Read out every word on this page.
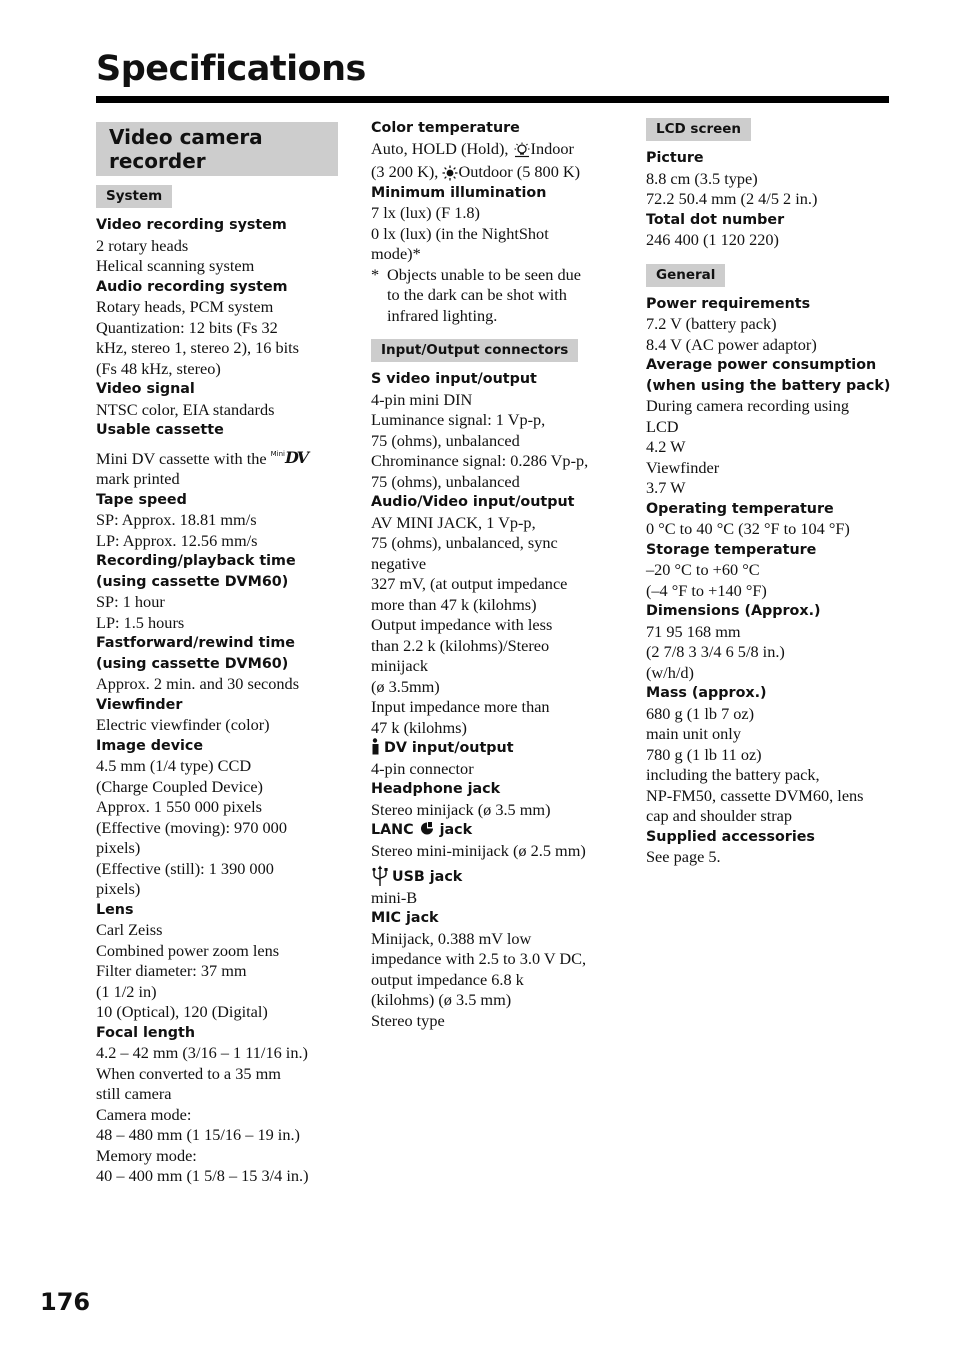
Specifications
Video camera recorder
System
Video recording system
2 rotary heads
Helical scanning system
Audio recording system
Rotary heads, PCM system
Quantization: 12 bits (Fs 32
kHz, stereo 1, stereo 2), 16 bits
(Fs 48 kHz, stereo)
Video signal
NTSC color, EIA standards
Usable cassette
Mini DV cassette with the $^{Mini}$DV
mark printed
Tape speed
SP: Approx. 18.81 mm/s
LP: Approx. 12.56 mm/s
Recording/playback time
(using cassette DVM60)
SP: 1 hour
LP: 1.5 hours
Fastforward/rewind time
(using cassette DVM60)
Approx. 2 min. and 30 seconds
Viewfinder
Electric viewfinder (color)
Image device
4.5 mm (1/4 type) CCD
(Charge Coupled Device)
Approx. 1 550 000 pixels
(Effective (moving): 970 000
pixels)
(Effective (still): 1 390 000
pixels)
Lens
Carl Zeiss
Combined power zoom lens
Filter diameter: 37 mm
(1 1/2 in)
10 (Optical), 120 (Digital)
Focal length
4.2 – 42 mm (3/16 – 1 11/16 in.)
When converted to a 35 mm
still camera
Camera mode:
48 – 480 mm (1 15/16 – 19 in.)
Memory mode:
40 – 400 mm (1 5/8 – 15 3/4 in.)
Color temperature
Auto, HOLD (Hold), Indoor
(3 200 K), Outdoor (5 800 K)
Minimum illumination
7 lx (lux) (F 1.8)
0 lx (lux) (in the NightShot
mode)*
* Objects unable to be seen due
to the dark can be shot with
infrared lighting.
Input/Output connectors
S video input/output
4-pin mini DIN
Luminance signal: 1 Vp-p,
75 (ohms), unbalanced
Chrominance signal: 0.286 Vp-p,
75 (ohms), unbalanced
Audio/Video input/output
AV MINI JACK, 1 Vp-p,
75 (ohms), unbalanced, sync
negative
327 mV, (at output impedance
more than 47 k (kilohms)
Output impedance with less
than 2.2 k (kilohms)/Stereo
minijack
(ø 3.5mm)
Input impedance more than
47 k (kilohms)
DV input/output
4-pin connector
Headphone jack
Stereo minijack (ø 3.5 mm)
LANC jack
Stereo mini-minijack (ø 2.5 mm)
USB jack
mini-B
MIC jack
Minijack, 0.388 mV low
impedance with 2.5 to 3.0 V DC,
output impedance 6.8 k
(kilohms) (ø 3.5 mm)
Stereo type
LCD screen
Picture
8.8 cm (3.5 type)
72.2 50.4 mm (2 4/5 2 in.)
Total dot number
246 400 (1 120 220)
General
Power requirements
7.2 V (battery pack)
8.4 V (AC power adaptor)
Average power consumption
(when using the battery pack)
During camera recording using
LCD
4.2 W
Viewfinder
3.7 W
Operating temperature
0 °C to 40 °C (32 °F to 104 °F)
Storage temperature
–20 °C to +60 °C
(–4 °F to +140 °F)
Dimensions (Approx.)
71 95 168 mm
(2 7/8 3 3/4 6 5/8 in.)
(w/h/d)
Mass (approx.)
680 g (1 lb 7 oz)
main unit only
780 g (1 lb 11 oz)
including the battery pack,
NP-FM50, cassette DVM60, lens
cap and shoulder strap
Supplied accessories
See page 5.
176
